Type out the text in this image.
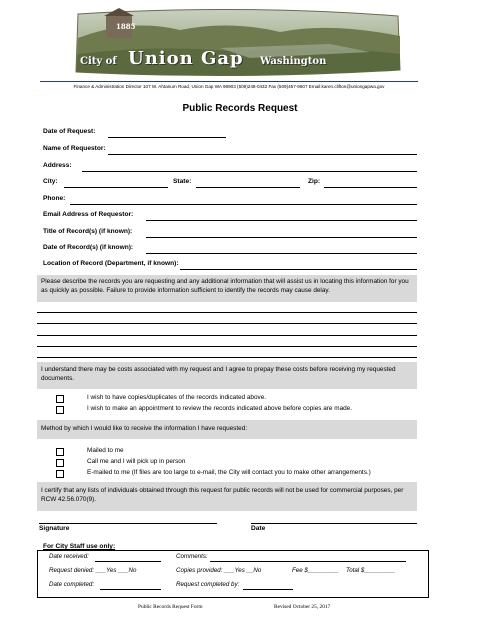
1885
City of Union Gap Washington
Finance & Administration Director 107 W. Ahtanum Road, Union Gap WA 98903 (509)248-0432 Fax (509)457-9607 Email:karen.clifton@uniongapwa.gov
Public Records Request
Date of Request:
Name of Requestor:
Address:
City:	State:	Zip:
Phone:
Email Address of Requestor:
Title of Record(s) (if known):
Date of Record(s) (if known):
Location of Record (Department, if known):
Please describe the records you are requesting and any additional information that will assist us in locating this information for you as quickly as possible. Failure to provide information sufficient to identify the records may cause delay.
I understand there may be costs associated with my request and I agree to prepay these costs before receiving my requested documents.
I wish to have copies/duplicates of the records indicated above.
I wish to make an appointment to review the records indicated above before copies are made.
Method by which I would like to receive the information I have requested:
Mailed to me
Call me and I will pick up in person
E-mailed to me (If files are too large to e-mail, the City will contact you to make other arrangements.)
I certify that any lists of individuals obtained through this request for public records will not be used for commercial purposes, per RCW 42.56.070(9).
Signature	Date
For City Staff use only:
Date received:	Comments:
Request denied: ___Yes ___No	Copies provided: ___Yes __No	Fee $_________ Total $_________
Date completed:	Request completed by:
Public Records Request Form	Revised October 25, 2017
